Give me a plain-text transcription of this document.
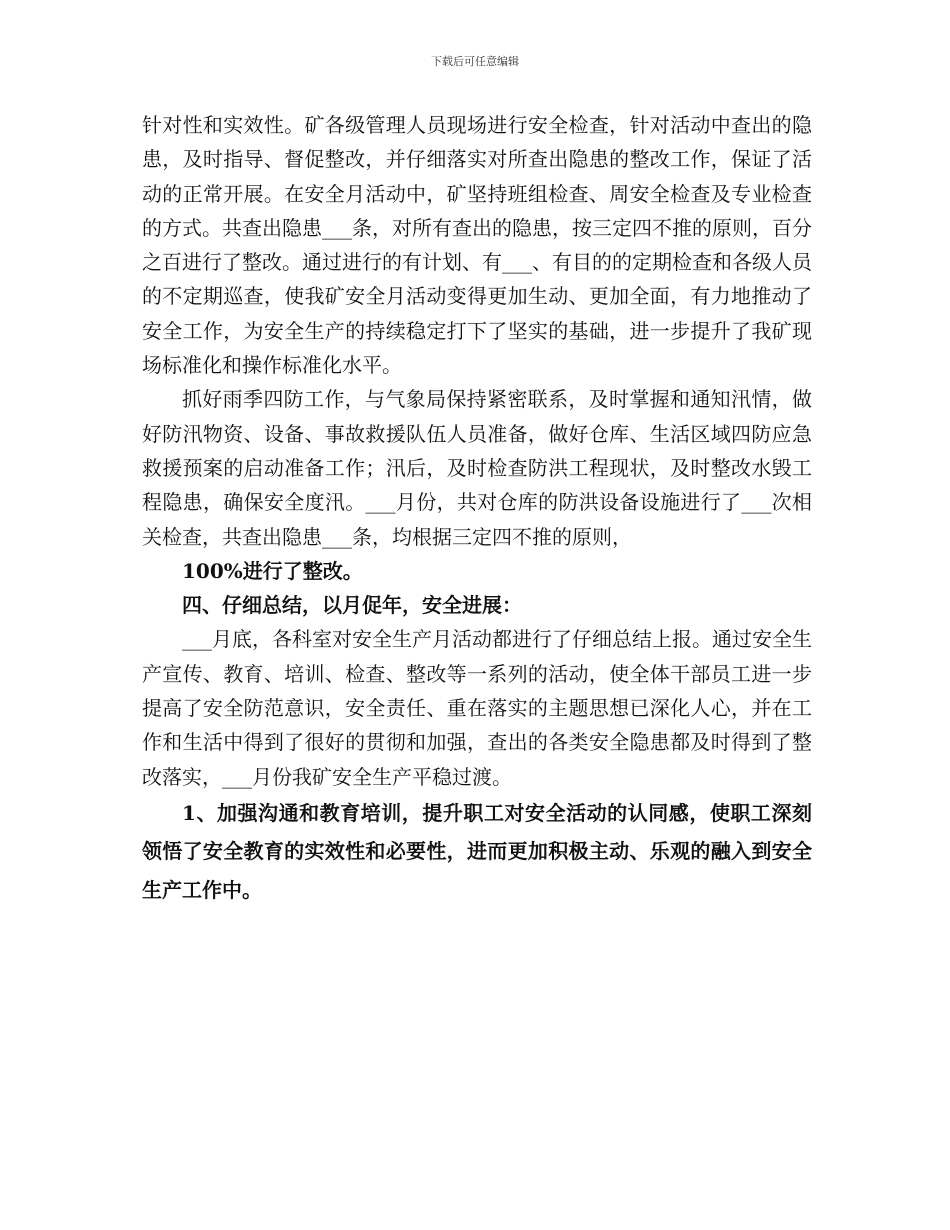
下载后可任意编辑

针对性和实效性。矿各级管理人员现场进行安全检查，针对活动中查出的隐患，及时指导、督促整改，并仔细落实对所查出隐患的整改工作，保证了活动的正常开展。在安全月活动中，矿坚持班组检查、周安全检查及专业检查的方式。共查出隐患___条，对所有查出的隐患，按三定四不推的原则，百分之百进行了整改。通过进行的有计划、有___、有目的的定期检查和各级人员的不定期巡查，使我矿安全月活动变得更加生动、更加全面，有力地推动了安全工作，为安全生产的持续稳定打下了坚实的基础，进一步提升了我矿现场标准化和操作标准化水平。

抓好雨季四防工作，与气象局保持紧密联系，及时掌握和通知汛情，做好防汛物资、设备、事故救援队伍人员准备，做好仓库、生活区域四防应急救援预案的启动准备工作；汛后，及时检查防洪工程现状，及时整改水毁工程隐患，确保安全度汛。___月份，共对仓库的防洪设备设施进行了___次相关检查，共查出隐患___条，均根据三定四不推的原则，

100%进行了整改。

四、仔细总结，以月促年，安全进展：

___月底，各科室对安全生产月活动都进行了仔细总结上报。通过安全生产宣传、教育、培训、检查、整改等一系列的活动，使全体干部员工进一步提高了安全防范意识，安全责任、重在落实的主题思想已深化人心，并在工作和生活中得到了很好的贯彻和加强，查出的各类安全隐患都及时得到了整改落实，___月份我矿安全生产平稳过渡。

1、加强沟通和教育培训，提升职工对安全活动的认同感，使职工深刻领悟了安全教育的实效性和必要性，进而更加积极主动、乐观的融入到安全生产工作中。
